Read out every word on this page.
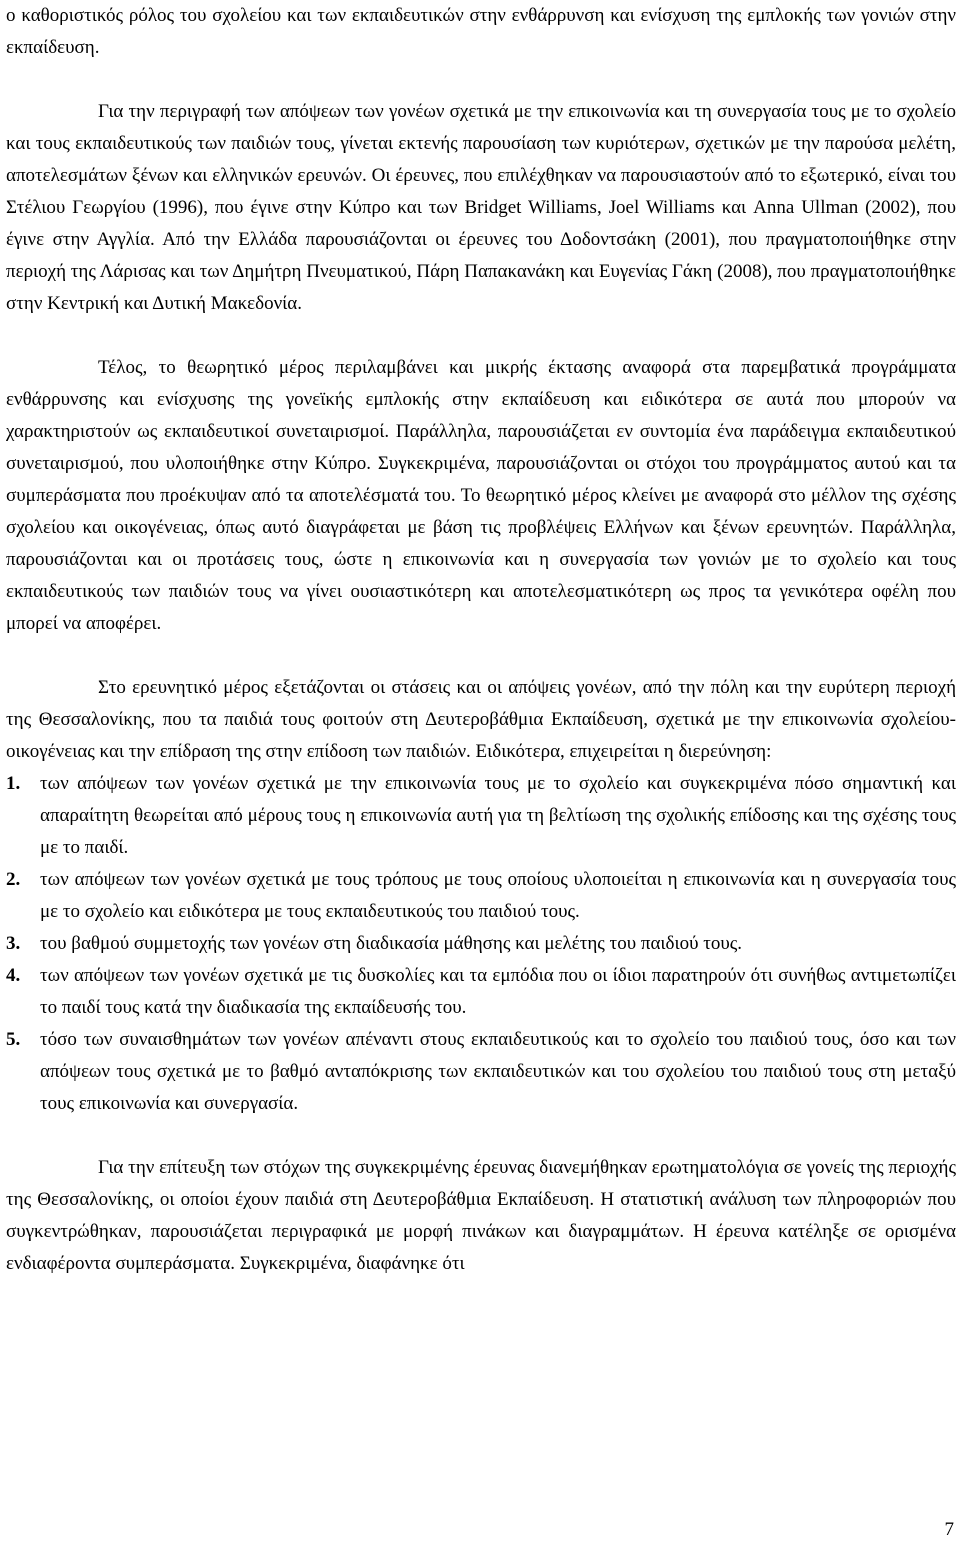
ο καθοριστικός ρόλος του σχολείου και των εκπαιδευτικών στην ενθάρρυνση και ενίσχυση της εμπλοκής των γονιών στην εκπαίδευση.

Για την περιγραφή των απόψεων των γονέων σχετικά με την επικοινωνία και τη συνεργασία τους με το σχολείο και τους εκπαιδευτικούς των παιδιών τους, γίνεται εκτενής παρουσίαση των κυριότερων, σχετικών με την παρούσα μελέτη, αποτελεσμάτων ξένων και ελληνικών ερευνών. Οι έρευνες, που επιλέχθηκαν να παρουσιαστούν από το εξωτερικό, είναι του Στέλιου Γεωργίου (1996), που έγινε στην Κύπρο και των Bridget Williams, Joel Williams και Anna Ullman (2002), που έγινε στην Αγγλία. Από την Ελλάδα παρουσιάζονται οι έρευνες του Δοδοντσάκη (2001), που πραγματοποιήθηκε στην περιοχή της Λάρισας και των Δημήτρη Πνευματικού, Πάρη Παπακανάκη και Ευγενίας Γάκη (2008), που πραγματοποιήθηκε στην Κεντρική και Δυτική Μακεδονία.

Τέλος, το θεωρητικό μέρος περιλαμβάνει και μικρής έκτασης αναφορά στα παρεμβατικά προγράμματα ενθάρρυνσης και ενίσχυσης της γονεϊκής εμπλοκής στην εκπαίδευση και ειδικότερα σε αυτά που μπορούν να χαρακτηριστούν ως εκπαιδευτικοί συνεταιρισμοί. Παράλληλα, παρουσιάζεται εν συντομία ένα παράδειγμα εκπαιδευτικού συνεταιρισμού, που υλοποιήθηκε στην Κύπρο. Συγκεκριμένα, παρουσιάζονται οι στόχοι του προγράμματος αυτού και τα συμπεράσματα που προέκυψαν από τα αποτελέσματά του. Το θεωρητικό μέρος κλείνει με αναφορά στο μέλλον της σχέσης σχολείου και οικογένειας, όπως αυτό διαγράφεται με βάση τις προβλέψεις Ελλήνων και ξένων ερευνητών. Παράλληλα, παρουσιάζονται και οι προτάσεις τους, ώστε η επικοινωνία και η συνεργασία των γονιών με το σχολείο και τους εκπαιδευτικούς των παιδιών τους να γίνει ουσιαστικότερη και αποτελεσματικότερη ως προς τα γενικότερα οφέλη που μπορεί να αποφέρει.

Στο ερευνητικό μέρος εξετάζονται οι στάσεις και οι απόψεις γονέων, από την πόλη και την ευρύτερη περιοχή της Θεσσαλονίκης, που τα παιδιά τους φοιτούν στη Δευτεροβάθμια Εκπαίδευση, σχετικά με την επικοινωνία σχολείου-οικογένειας και την επίδραση της στην επίδοση των παιδιών. Ειδικότερα, επιχειρείται η διερεύνηση:

1. των απόψεων των γονέων σχετικά με την επικοινωνία τους με το σχολείο και συγκεκριμένα πόσο σημαντική και απαραίτητη θεωρείται από μέρους τους η επικοινωνία αυτή για τη βελτίωση της σχολικής επίδοσης και της σχέσης τους με το παιδί.
2. των απόψεων των γονέων σχετικά με τους τρόπους με τους οποίους υλοποιείται η επικοινωνία και η συνεργασία τους με το σχολείο και ειδικότερα με τους εκπαιδευτικούς του παιδιού τους.
3. του βαθμού συμμετοχής των γονέων στη διαδικασία μάθησης και μελέτης του παιδιού τους.
4. των απόψεων των γονέων σχετικά με τις δυσκολίες και τα εμπόδια που οι ίδιοι παρατηρούν ότι συνήθως αντιμετωπίζει το παιδί τους κατά την διαδικασία της εκπαίδευσής του.
5. τόσο των συναισθημάτων των γονέων απέναντι στους εκπαιδευτικούς και το σχολείο του παιδιού τους, όσο και των απόψεων τους σχετικά με το βαθμό ανταπόκρισης των εκπαιδευτικών και του σχολείου του παιδιού τους στη μεταξύ τους επικοινωνία και συνεργασία.

Για την επίτευξη των στόχων της συγκεκριμένης έρευνας διανεμήθηκαν ερωτηματολόγια σε γονείς της περιοχής της Θεσσαλονίκης, οι οποίοι έχουν παιδιά στη Δευτεροβάθμια Εκπαίδευση. Η στατιστική ανάλυση των πληροφοριών που συγκεντρώθηκαν, παρουσιάζεται περιγραφικά με μορφή πινάκων και διαγραμμάτων. Η έρευνα κατέληξε σε ορισμένα ενδιαφέροντα συμπεράσματα. Συγκεκριμένα, διαφάνηκε ότι

7
